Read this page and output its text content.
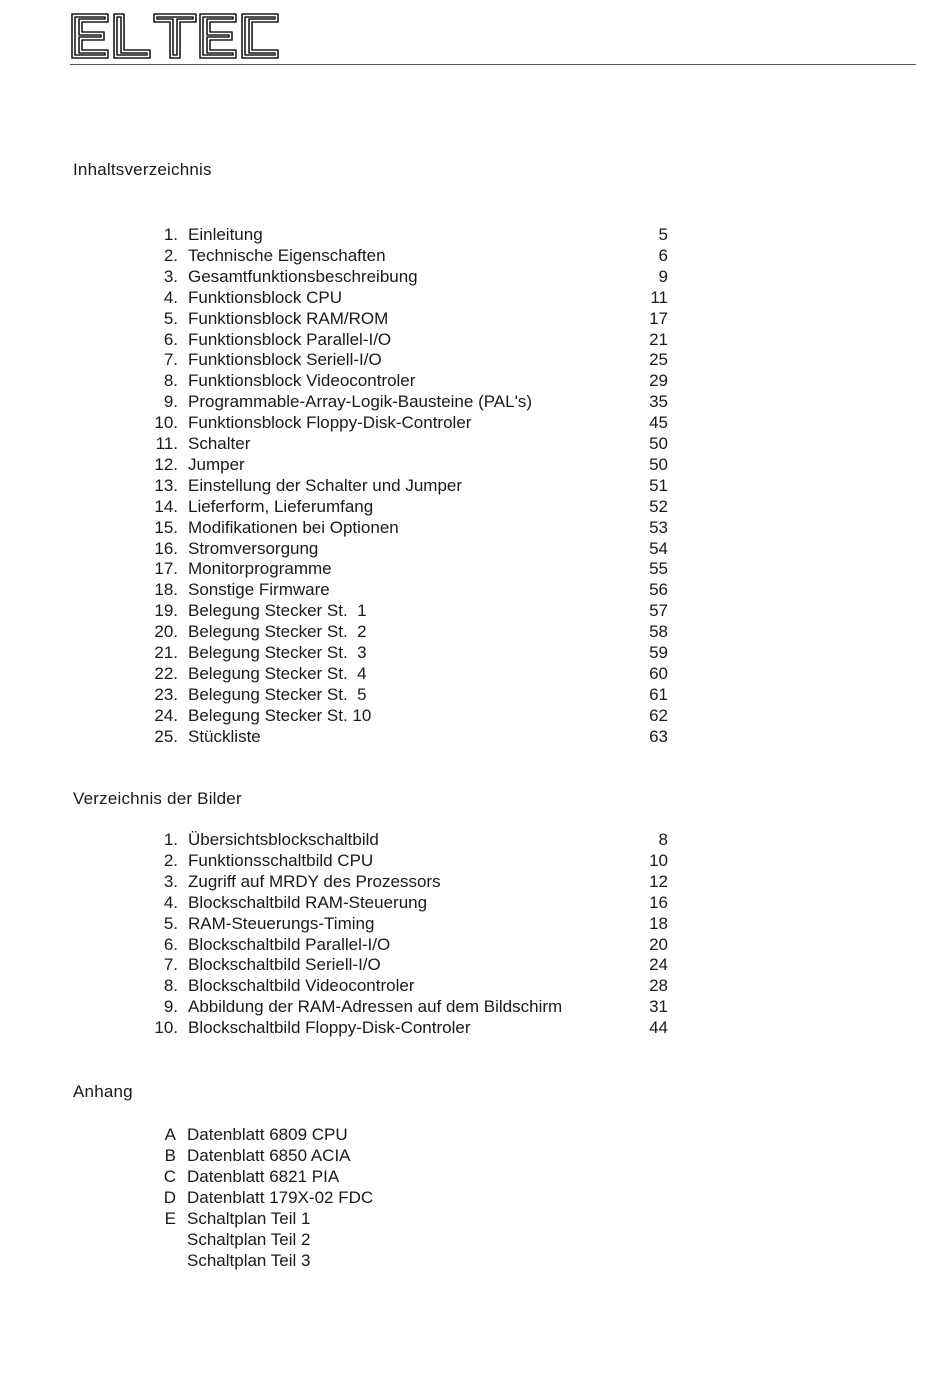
Inhaltsverzeichnis
1. Einleitung	5
2. Technische Eigenschaften	6
3. Gesamtfunktionsbeschreibung	9
4. Funktionsblock CPU	11
5. Funktionsblock RAM/ROM	17
6. Funktionsblock Parallel-I/O	21
7. Funktionsblock Seriell-I/O	25
8. Funktionsblock Videocontroler	29
9. Programmable-Array-Logik-Bausteine (PAL's)	35
10. Funktionsblock Floppy-Disk-Controler	45
11. Schalter	50
12. Jumper	50
13. Einstellung der Schalter und Jumper	51
14. Lieferform, Lieferumfang	52
15. Modifikationen bei Optionen	53
16. Stromversorgung	54
17. Monitorprogramme	55
18. Sonstige Firmware	56
19. Belegung Stecker St.  1	57
20. Belegung Stecker St.  2	58
21. Belegung Stecker St.  3	59
22. Belegung Stecker St.  4	60
23. Belegung Stecker St.  5	61
24. Belegung Stecker St. 10	62
25. Stückliste	63
Verzeichnis der Bilder
1. Übersichtsblockschaltbild	8
2. Funktionsschaltbild CPU	10
3. Zugriff auf MRDY des Prozessors	12
4. Blockschaltbild RAM-Steuerung	16
5. RAM-Steuerungs-Timing	18
6. Blockschaltbild Parallel-I/O	20
7. Blockschaltbild Seriell-I/O	24
8. Blockschaltbild Videocontroler	28
9. Abbildung der RAM-Adressen auf dem Bildschirm	31
10. Blockschaltbild Floppy-Disk-Controler	44
Anhang
A Datenblatt 6809 CPU
B Datenblatt 6850 ACIA
C Datenblatt 6821 PIA
D Datenblatt 179X-02 FDC
E Schaltplan Teil 1
Schaltplan Teil 2
Schaltplan Teil 3
